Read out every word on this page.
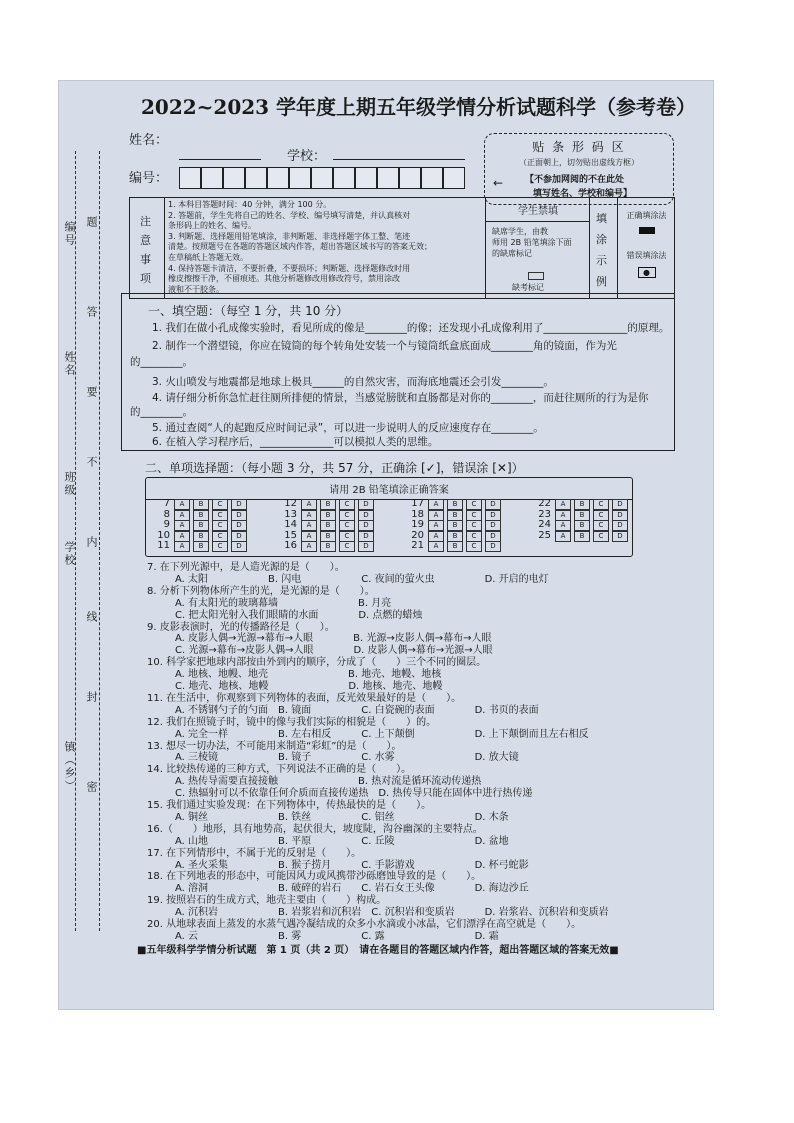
2022~2023 学年度上期五年级学情分析试题科学（参考卷）
编号
姓名
班级
学校
镇（乡）
题
答
要
不
内
线
封
密
姓名：
学校：
编号：
贴 条 形 码 区
（正面朝上，切勿贴出虚线方框）
← 【不参加网阅的不在此处
填写姓名、学校和编号】
注
意
事
项
1. 本科目答题时间：40 分钟，满分 100 分。
2. 答题前，学生先将自己的姓名、学校、编号填写清楚，并认真核对
条形码上的姓名、编号。
3. 判断题、选择题用铅笔填涂，非判断题、非选择题字体工整、笔迹
清楚。按照题号在各题的答题区域内作答，超出答题区域书写的答案无效；
在草稿纸上答题无效。
4. 保持答题卡清洁，不要折叠，不要损坏；判断题、选择题修改时用
橡皮擦擦干净，不留痕迹。其他分析题修改用修改符号，禁用涂改
液和不干胶条。
学生禁填
缺席学生，由教
师用 2B 铅笔填涂下面
的缺席标记
缺考标记
填
涂
示
例
正确填涂法
错误填涂法
●
一、填空题：（每空 1 分，共 10 分）
1. 我们在做小孔成像实验时，看见所成的像是________的像；还发现小孔成像利用了________________的原理。
2. 制作一个潜望镜，你应在镜筒的每个转角处安装一个与镜筒纸盒底面成________角的镜面，作为光
的________。
3. 火山喷发与地震都是地球上极具______的自然灾害，而海底地震还会引发________。
4. 请仔细分析你急忙赶往厕所排便的情景，当感觉膀胱和直肠都是对你的________，而赶往厕所的行为是你
的________。
5. 通过查阅“人的起跑反应时间记录”，可以进一步说明人的反应速度存在________。
6. 在植入学习程序后，______________可以模拟人类的思维。
二、单项选择题：（每小题 3 分，共 57 分，正确涂 [✓]，错误涂 [✕]）
请用 2B 铅笔填涂正确答案
7 A B C D
8 A B C D
9 A B C D
10 A B C D
11 A B C D
12 A B C D
13 A B C D
14 A B C D
15 A B C D
16 A B C D
17 A B C D
18 A B C D
19 A B C D
20 A B C D
21 A B C D
22 A B C D
23 A B C D
24 A B C D
25 A B C D
7. 在下列光源中，是人造光源的是（　　）。
A. 太阳　　　　　　B. 闪电　　　　　　C. 夜间的萤火虫　　　　　D. 开启的电灯
8. 分析下列物体所产生的光，是光源的是（　　）。
A. 有太阳光的玻璃幕墙　　　　　　　　B. 月亮
C. 把太阳光射入我们眼睛的水面　　　　D. 点燃的蜡烛
9. 皮影表演时，光的传播路径是（　　）。
A. 皮影人偶→光源→幕布→人眼　　　　B. 光源→皮影人偶→幕布→人眼
C. 光源→幕布→皮影人偶→人眼　　　　D. 皮影人偶→幕布→光源→人眼
10. 科学家把地球内部按由外到内的顺序，分成了（　　）三个不同的圈层。
A. 地核、地幔、地壳　　　　　　　　B. 地壳、地幔、地核
C. 地壳、地核、地幔　　　　　　　　D. 地核、地壳、地幔
11. 在生活中，你观察到下列物体的表面，反光效果最好的是（　　）。
A. 不锈钢勺子的勺面　B. 镜面　　　　　C. 白瓷碗的表面　　　　D. 书页的表面
12. 我们在照镜子时，镜中的像与我们实际的相貌是（　　）的。
A. 完全一样　　　　　B. 左右相反　　　C. 上下颠倒　　　　　　D. 上下颠倒而且左右相反
13. 想尽一切办法，不可能用来制造“彩虹”的是（　　）。
A. 三棱镜　　　　　　B. 镜子　　　　　C. 水雾　　　　　　　　D. 放大镜
14. 比较热传递的三种方式，下列说法不正确的是（　　）。
A. 热传导需要直接接触　　　　　　　　B. 热对流是循环流动传递热
C. 热辐射可以不依靠任何介质而直接传递热　D. 热传导只能在固体中进行热传递
15. 我们通过实验发现：在下列物体中，传热最快的是（　　）。
A. 铜丝　　　　　　　B. 铁丝　　　　　C. 铝丝　　　　　　　　D. 木条
16.（　　）地形，具有地势高，起伏很大，坡度陡，沟谷幽深的主要特点。
A. 山地　　　　　　　B. 平原　　　　　C. 丘陵　　　　　　　　D. 盆地
17. 在下列情形中，不属于光的反射是（　　）。
A. 圣火采集　　　　　B. 猴子捞月　　　C. 手影游戏　　　　　　D. 杯弓蛇影
18. 在下列地表的形态中，可能因风力或风携带沙砾磨蚀导致的是（　　）。
A. 溶洞　　　　　　　B. 破碎的岩石　　C. 岩石女王头像　　　　D. 海边沙丘
19. 按照岩石的生成方式，地壳主要由（　　）构成。
A. 沉积岩　　　　　　B. 岩浆岩和沉积岩　C. 沉积岩和变质岩　　　D. 岩浆岩、沉积岩和变质岩
20. 从地球表面上蒸发的水蒸气遇冷凝结成的众多小水滴或小冰晶，它们漂浮在高空就是（　　）。
A. 云　　　　　　　　B. 雾　　　　　　C. 露　　　　　　　　　D. 霜
■五年级科学学情分析试题　第 1 页（共 2 页）　请在各题目的答题区域内作答，超出答题区域的答案无效■
